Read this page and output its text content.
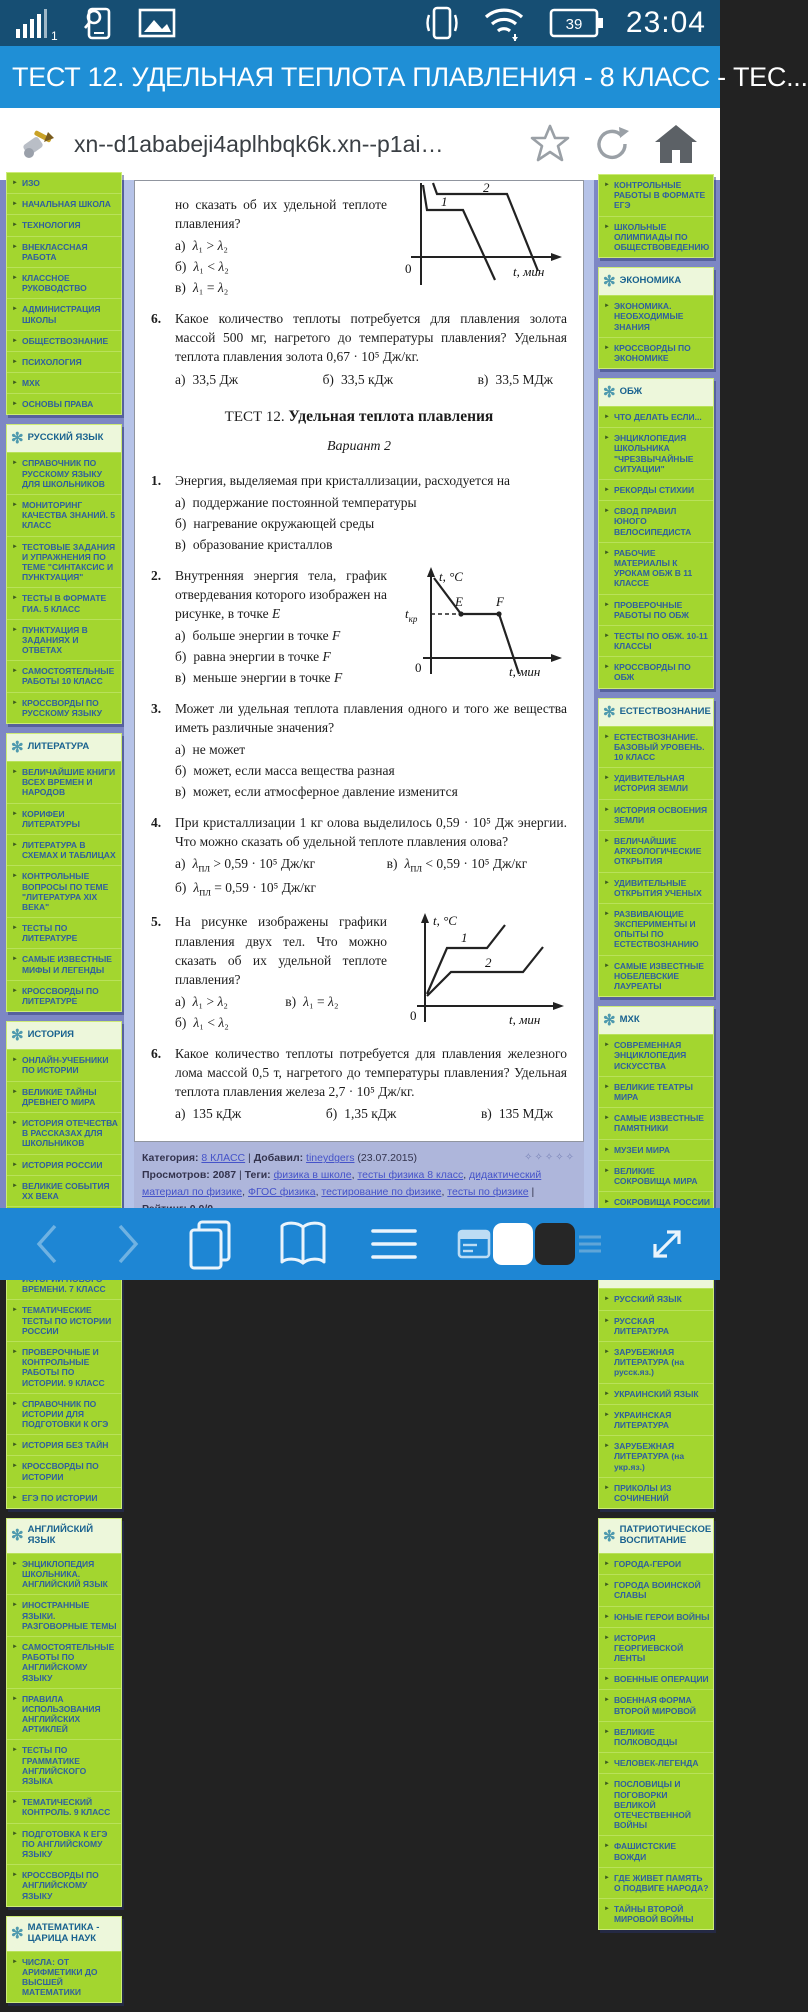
1
39 23:04
ТЕСТ 12. УДЕЛЬНАЯ ТЕПЛОТА ПЛАВЛЕНИЯ - 8 КЛАСС - ТЕС...
xn--d1ababeji4aplhbqk6k.xn--p1ai…
► ИЗО
► НАЧАЛЬНАЯ ШКОЛА
► ТЕХНОЛОГИЯ
► ВНЕКЛАССНАЯ РАБОТА
► КЛАССНОЕ РУКОВОДСТВО
► АДМИНИСТРАЦИЯ ШКОЛЫ
► ОБЩЕСТВОЗНАНИЕ
► ПСИХОЛОГИЯ
► МХК
► ОСНОВЫ ПРАВА
✻ РУССКИЙ ЯЗЫК
► СПРАВОЧНИК ПО РУССКОМУ ЯЗЫКУ ДЛЯ ШКОЛЬНИКОВ
► МОНИТОРИНГ КАЧЕСТВА ЗНАНИЙ. 5 КЛАСС
► ТЕСТОВЫЕ ЗАДАНИЯ И УПРАЖНЕНИЯ ПО ТЕМЕ "СИНТАКСИС И ПУНКТУАЦИЯ"
► ТЕСТЫ В ФОРМАТЕ ГИА. 5 КЛАСС
► ПУНКТУАЦИЯ В ЗАДАНИЯХ И ОТВЕТАХ
► САМОСТОЯТЕЛЬНЫЕ РАБОТЫ 10 КЛАСС
► КРОССВОРДЫ ПО РУССКОМУ ЯЗЫКУ
✻ ЛИТЕРАТУРА
► ВЕЛИЧАЙШИЕ КНИГИ ВСЕХ ВРЕМЕН И НАРОДОВ
► КОРИФЕИ ЛИТЕРАТУРЫ
► ЛИТЕРАТУРА В СХЕМАХ И ТАБЛИЦАХ
► КОНТРОЛЬНЫЕ ВОПРОСЫ ПО ТЕМЕ "ЛИТЕРАТУРА XIX ВЕКА"
► ТЕСТЫ ПО ЛИТЕРАТУРЕ
► САМЫЕ ИЗВЕСТНЫЕ МИФЫ И ЛЕГЕНДЫ
► КРОССВОРДЫ ПО ЛИТЕРАТУРЕ
✻ ИСТОРИЯ
► ОНЛАЙН-УЧЕБНИКИ ПО ИСТОРИИ
► ВЕЛИКИЕ ТАЙНЫ ДРЕВНЕГО МИРА
► ИСТОРИЯ ОТЕЧЕСТВА В РАССКАЗАХ ДЛЯ ШКОЛЬНИКОВ
► ИСТОРИЯ РОССИИ
► ВЕЛИКИЕ СОБЫТИЯ XX ВЕКА
ВРЕМЕНИ. 7 КЛАСС
► ТЕМАТИЧЕСКИЕ ТЕСТЫ ПО ИСТОРИИ РОССИИ
► ПРОВЕРОЧНЫЕ И КОНТРОЛЬНЫЕ РАБОТЫ ПО ИСТОРИИ. 9 КЛАСС
► СПРАВОЧНИК ПО ИСТОРИИ ДЛЯ ПОДГОТОВКИ К ОГЭ
► ИСТОРИЯ БЕЗ ТАЙН
► КРОССВОРДЫ ПО ИСТОРИИ
► ЕГЭ ПО ИСТОРИИ
✻ АНГЛИЙСКИЙ ЯЗЫК
► ЭНЦИКЛОПЕДИЯ ШКОЛЬНИКА. АНГЛИЙСКИЙ ЯЗЫК
► ИНОСТРАННЫЕ ЯЗЫКИ. РАЗГОВОРНЫЕ ТЕМЫ
► САМОСТОЯТЕЛЬНЫЕ РАБОТЫ ПО АНГЛИЙСКОМУ ЯЗЫКУ
► ПРАВИЛА ИСПОЛЬЗОВАНИЯ АНГЛИЙСКИХ АРТИКЛЕЙ
► ТЕСТЫ ПО ГРАММАТИКЕ АНГЛИЙСКОГО ЯЗЫКА
► ТЕМАТИЧЕСКИЙ КОНТРОЛЬ. 9 КЛАСС
► ПОДГОТОВКА К ЕГЭ ПО АНГЛИЙСКОМУ ЯЗЫКУ
► КРОССВОРДЫ ПО АНГЛИЙСКОМУ ЯЗЫКУ
✻ МАТЕМАТИКА - ЦАРИЦА НАУК
► ЧИСЛА: ОТ АРИФМЕТИКИ ДО ВЫСШЕЙ МАТЕМАТИКИ
1
2
0	t, мин
но сказать об их удельной теплоте плавления?
а) λ₁ > λ₂
б) λ₁ < λ₂
в) λ₁ = λ₂
6. Какое количество теплоты потребуется для плавления золота массой 500 мг, нагретого до температуры плавления? Удельная теплота плавления золота 0,67 · 10⁵ Дж/кг.
а) 33,5 Дж	б) 33,5 кДж	в) 33,5 МДж
ТЕСТ 12. Удельная теплота плавления
Вариант 2
1. Энергия, выделяемая при кристаллизации, расходуется на
а) поддержание постоянной температуры
б) нагревание окружающей среды
в) образование кристаллов
t, °C
E	F
$t_{кр}$
0	t, мин
2. Внутренняя энергия тела, график отвердевания которого изображен на рисунке, в точке E
а) больше энергии в точке F
б) равна энергии в точке F
в) меньше энергии в точке F
3. Может ли удельная теплота плавления одного и того же вещества иметь различные значения?
а) не может
б) может, если масса вещества разная
в) может, если атмосферное давление изменится
4. При кристаллизации 1 кг олова выделилось 0,59 · 10⁵ Дж энергии. Что можно сказать об удельной теплоте плавления олова?
а) $\lambda_{пл} > 0,59 \cdot 10^5$ Дж/кг	в) $\lambda_{пл} < 0,59 \cdot 10^5$ Дж/кг
б) $\lambda_{пл} = 0,59 \cdot 10^5$ Дж/кг
t, °C
1
2
0	t, мин
5. На рисунке изображены графики плавления двух тел. Что можно сказать об их удельной теплоте плавления?
а) λ₁ > λ₂	в) λ₁ = λ₂
б) λ₁ < λ₂
6. Какое количество теплоты потребуется для плавления железного лома массой 0,5 т, нагретого до температуры плавления? Удельная теплота плавления железа 2,7 · 10⁵ Дж/кг.
а) 135 кДж	б) 1,35 кДж	в) 135 МДж
Категория: 8 КЛАСС | Добавил: tineydgers (23.07.2015)	✧✧✧✧✧
Просмотров: 2087 | Теги: физика в школе, тесты физика 8 класс, дидактический материал по физике, ФГОС физика, тестирование по физике, тесты по физике |
► КОНТРОЛЬНЫЕ РАБОТЫ В ФОРМАТЕ ЕГЭ
► ШКОЛЬНЫЕ ОЛИМПИАДЫ ПО ОБЩЕСТВОВЕДЕНИЮ
✻ ЭКОНОМИКА
► ЭКОНОМИКА. НЕОБХОДИМЫЕ ЗНАНИЯ
► КРОССВОРДЫ ПО ЭКОНОМИКЕ
✻ ОБЖ
► ЧТО ДЕЛАТЬ ЕСЛИ...
► ЭНЦИКЛОПЕДИЯ ШКОЛЬНИКА "ЧРЕЗВЫЧАЙНЫЕ СИТУАЦИИ"
► РЕКОРДЫ СТИХИИ
► СВОД ПРАВИЛ ЮНОГО ВЕЛОСИПЕДИСТА
► РАБОЧИЕ МАТЕРИАЛЫ К УРОКАМ ОБЖ В 11 КЛАССЕ
► ПРОВЕРОЧНЫЕ РАБОТЫ ПО ОБЖ
► ТЕСТЫ ПО ОБЖ. 10-11 КЛАССЫ
► КРОССВОРДЫ ПО ОБЖ
✻ ЕСТЕСТВОЗНАНИЕ
► ЕСТЕСТВОЗНАНИЕ. БАЗОВЫЙ УРОВЕНЬ. 10 КЛАСС
► УДИВИТЕЛЬНАЯ ИСТОРИЯ ЗЕМЛИ
► ИСТОРИЯ ОСВОЕНИЯ ЗЕМЛИ
► ВЕЛИЧАЙШИЕ АРХЕОЛОГИЧЕСКИЕ ОТКРЫТИЯ
► УДИВИТЕЛЬНЫЕ ОТКРЫТИЯ УЧЕНЫХ
► РАЗВИВАЮЩИЕ ЭКСПЕРИМЕНТЫ И ОПЫТЫ ПО ЕСТЕСТВОЗНАНИЮ
► САМЫЕ ИЗВЕСТНЫЕ НОБЕЛЕВСКИЕ ЛАУРЕАТЫ
✻ МХК
► СОВРЕМЕННАЯ ЭНЦИКЛОПЕДИЯ ИСКУССТВА
► ВЕЛИКИЕ ТЕАТРЫ МИРА
► САМЫЕ ИЗВЕСТНЫЕ ПАМЯТНИКИ
► МУЗЕИ МИРА
► ВЕЛИКИЕ СОКРОВИЩА МИРА
► СОКРОВИЩА РОССИИ
► РУССКИЙ ЯЗЫК
► РУССКАЯ ЛИТЕРАТУРА
► ЗАРУБЕЖНАЯ ЛИТЕРАТУРА (на русск.яз.)
► УКРАИНСКИЙ ЯЗЫК
► УКРАИНСКАЯ ЛИТЕРАТУРА
► ЗАРУБЕЖНАЯ ЛИТЕРАТУРА (на укр.яз.)
► ПРИКОЛЫ ИЗ СОЧИНЕНИЙ
✻ ПАТРИОТИЧЕСКОЕ ВОСПИТАНИЕ
► ГОРОДА-ГЕРОИ
► ГОРОДА ВОИНСКОЙ СЛАВЫ
► ЮНЫЕ ГЕРОИ ВОЙНЫ
► ИСТОРИЯ ГЕОРГИЕВСКОЙ ЛЕНТЫ
► ВОЕННЫЕ ОПЕРАЦИИ
► ВОЕННАЯ ФОРМА ВТОРОЙ МИРОВОЙ
► ВЕЛИКИЕ ПОЛКОВОДЦЫ
► ЧЕЛОВЕК-ЛЕГЕНДА
► ПОСЛОВИЦЫ И ПОГОВОРКИ ВЕЛИКОЙ ОТЕЧЕСТВЕННОЙ ВОЙНЫ
► ФАШИСТСКИЕ ВОЖДИ
► ГДЕ ЖИВЕТ ПАМЯТЬ О ПОДВИГЕ НАРОДА?
► ТАЙНЫ ВТОРОЙ МИРОВОЙ ВОЙНЫ
